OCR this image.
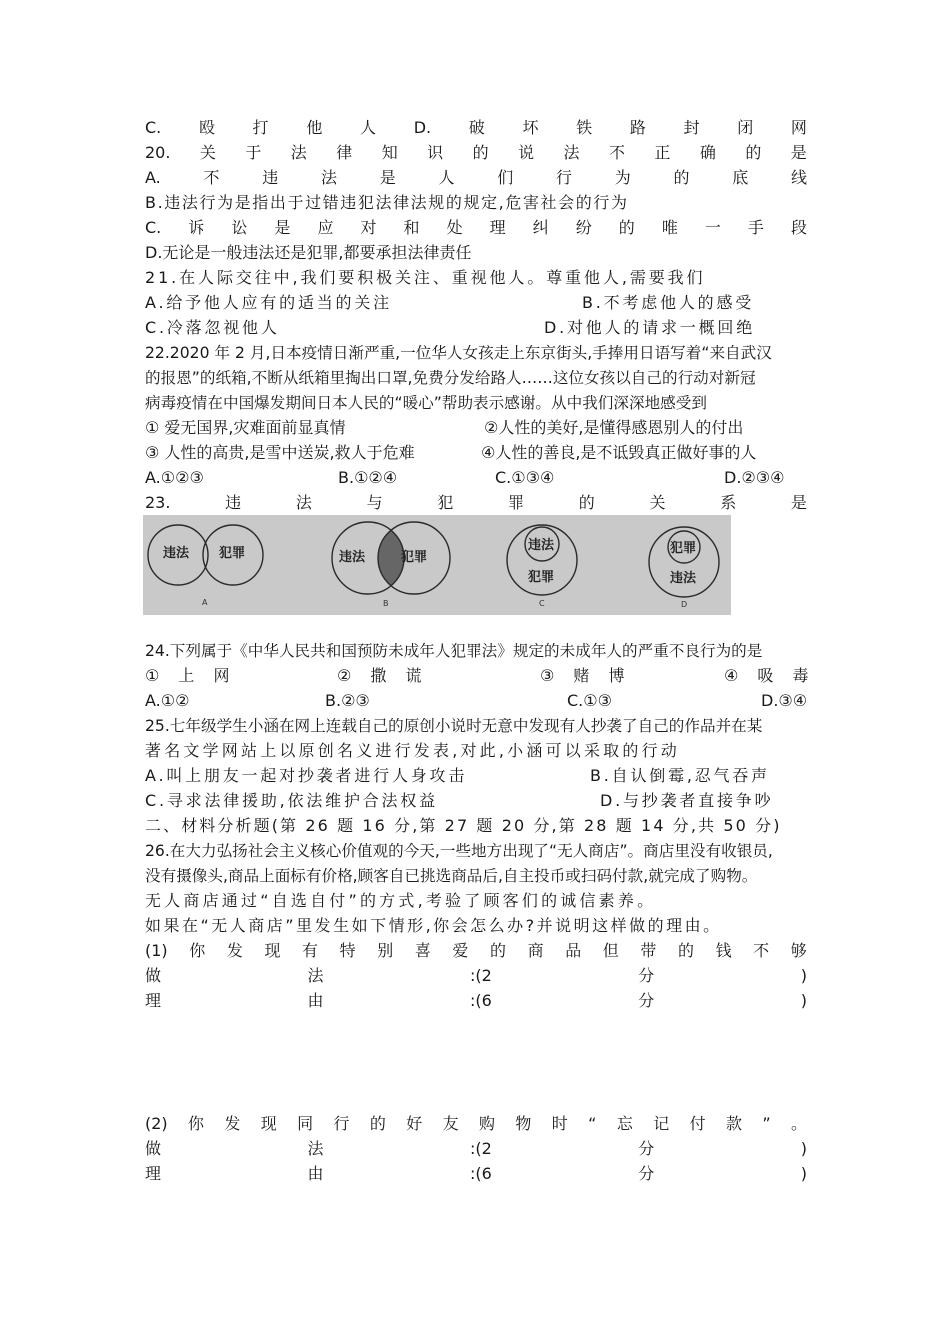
C. 殴 打 他 人 D. 破 坏 铁 路 封 闭 网
20. 关 于 法 律 知 识 的 说 法 不 正 确 的 是
A.	不	违	法	是	人	们	行	为	的	底	线
B.违法行为是指出于过错违犯法律法规的规定,危害社会的行为
C. 诉 讼 是 应 对 和 处 理 纠 纷 的 唯 一 手 段
D.无论是一般违法还是犯罪,都要承担法律责任
21.在人际交往中,我们要积极关注、重视他人。尊重他人,需要我们
A.给予他人应有的适当的关注	B.不考虑他人的感受
C.冷落忽视他人	D.对他人的请求一概回绝
22.2020 年 2 月,日本疫情日渐严重,一位华人女孩走上东京街头,手捧用日语写着“来自武汉
的报恩”的纸箱,不断从纸箱里掏出口罩,免费分发给路人……这位女孩以自己的行动对新冠
病毒疫情在中国爆发期间日本人民的“暖心”帮助表示感谢。从中我们深深地感受到
① 爱无国界,灾难面前显真情	②人性的美好,是懂得感恩别人的付出
③ 人性的高贵,是雪中送炭,救人于危难	④人性的善良,是不诋毁真正做好事的人
A.①②③	B.①②④	C.①③④	D.②③④
23.	违	法	与	犯	罪	的	关	系	是
违法 犯罪
A
违法	犯罪
B
违法
犯罪
C
犯罪
违法
D
24.下列属于《中华人民共和国预防未成年人犯罪法》规定的未成年人的严重不良行为的是
① 上 网	② 撒 谎	③ 赌 博	④ 吸 毒
A.①②	B.②③	C.①③	D.③④
25.七年级学生小涵在网上连载自己的原创小说时无意中发现有人抄袭了自己的作品并在某
著名文学网站上以原创名义进行发表,对此,小涵可以采取的行动
A.叫上朋友一起对抄袭者进行人身攻击	B.自认倒霉,忍气吞声
C.寻求法律援助,依法维护合法权益	D.与抄袭者直接争吵
二、材料分析题(第 26 题 16 分,第 27 题 20 分,第 28 题 14 分,共 50 分)
26.在大力弘扬社会主义核心价值观的今天,一些地方出现了“无人商店”。商店里没有收银员,
没有摄像头,商品上面标有价格,顾客自已挑选商品后,自主投币或扫码付款,就完成了购物。
无人商店通过“自选自付”的方式,考验了顾客们的诚信素养。
如果在“无人商店”里发生如下情形,你会怎么办?并说明这样做的理由。
(1) 你 发 现 有 特 别 喜 爱 的 商 品 但 带 的 钱 不 够
做	法	:(2	分	)
理	由	:(6	分	)
(2) 你 发 现 同 行 的 好 友 购 物 时 “ 忘 记 付 款 ” 。
做	法	:(2	分	)
理	由	:(6	分	)
